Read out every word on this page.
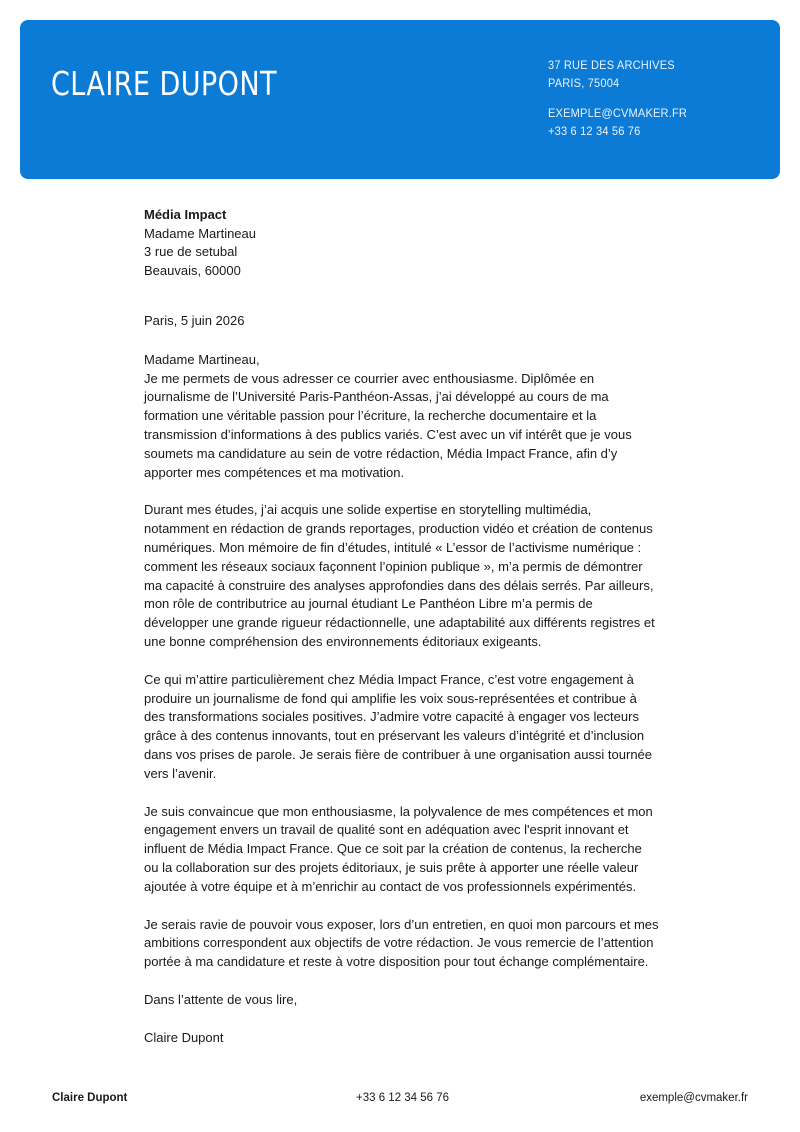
CLAIRE DUPONT	37 RUE DES ARCHIVES
PARIS, 75004
EXEMPLE@CVMAKER.FR
+33 6 12 34 56 76
Média Impact
Madame Martineau
3 rue de setubal
Beauvais, 60000

Paris, 5 juin 2026

Madame Martineau,

Je me permets de vous adresser ce courrier avec enthousiasme. Diplômée en journalisme de l’Université Paris-Panthéon-Assas, j’ai développé au cours de ma formation une véritable passion pour l’écriture, la recherche documentaire et la transmission d’informations à des publics variés. C’est avec un vif intérêt que je vous soumets ma candidature au sein de votre rédaction, Média Impact France, afin d’y apporter mes compétences et ma motivation.

Durant mes études, j’ai acquis une solide expertise en storytelling multimédia, notamment en rédaction de grands reportages, production vidéo et création de contenus numériques. Mon mémoire de fin d’études, intitulé « L’essor de l’activisme numérique : comment les réseaux sociaux façonnent l’opinion publique », m’a permis de démontrer ma capacité à construire des analyses approfondies dans des délais serrés. Par ailleurs, mon rôle de contributrice au journal étudiant Le Panthéon Libre m’a permis de développer une grande rigueur rédactionnelle, une adaptabilité aux différents registres et une bonne compréhension des environnements éditoriaux exigeants.

Ce qui m’attire particulièrement chez Média Impact France, c’est votre engagement à produire un journalisme de fond qui amplifie les voix sous-représentées et contribue à des transformations sociales positives. J’admire votre capacité à engager vos lecteurs grâce à des contenus innovants, tout en préservant les valeurs d’intégrité et d’inclusion dans vos prises de parole. Je serais fière de contribuer à une organisation aussi tournée vers l’avenir.

Je suis convaincue que mon enthousiasme, la polyvalence de mes compétences et mon engagement envers un travail de qualité sont en adéquation avec l'esprit innovant et influent de Média Impact France. Que ce soit par la création de contenus, la recherche ou la collaboration sur des projets éditoriaux, je suis prête à apporter une réelle valeur ajoutée à votre équipe et à m’enrichir au contact de vos professionnels expérimentés.

Je serais ravie de pouvoir vous exposer, lors d’un entretien, en quoi mon parcours et mes ambitions correspondent aux objectifs de votre rédaction. Je vous remercie de l’attention portée à ma candidature et reste à votre disposition pour tout échange complémentaire.

Dans l’attente de vous lire,

Claire Dupont

Claire Dupont	+33 6 12 34 56 76	exemple@cvmaker.fr
